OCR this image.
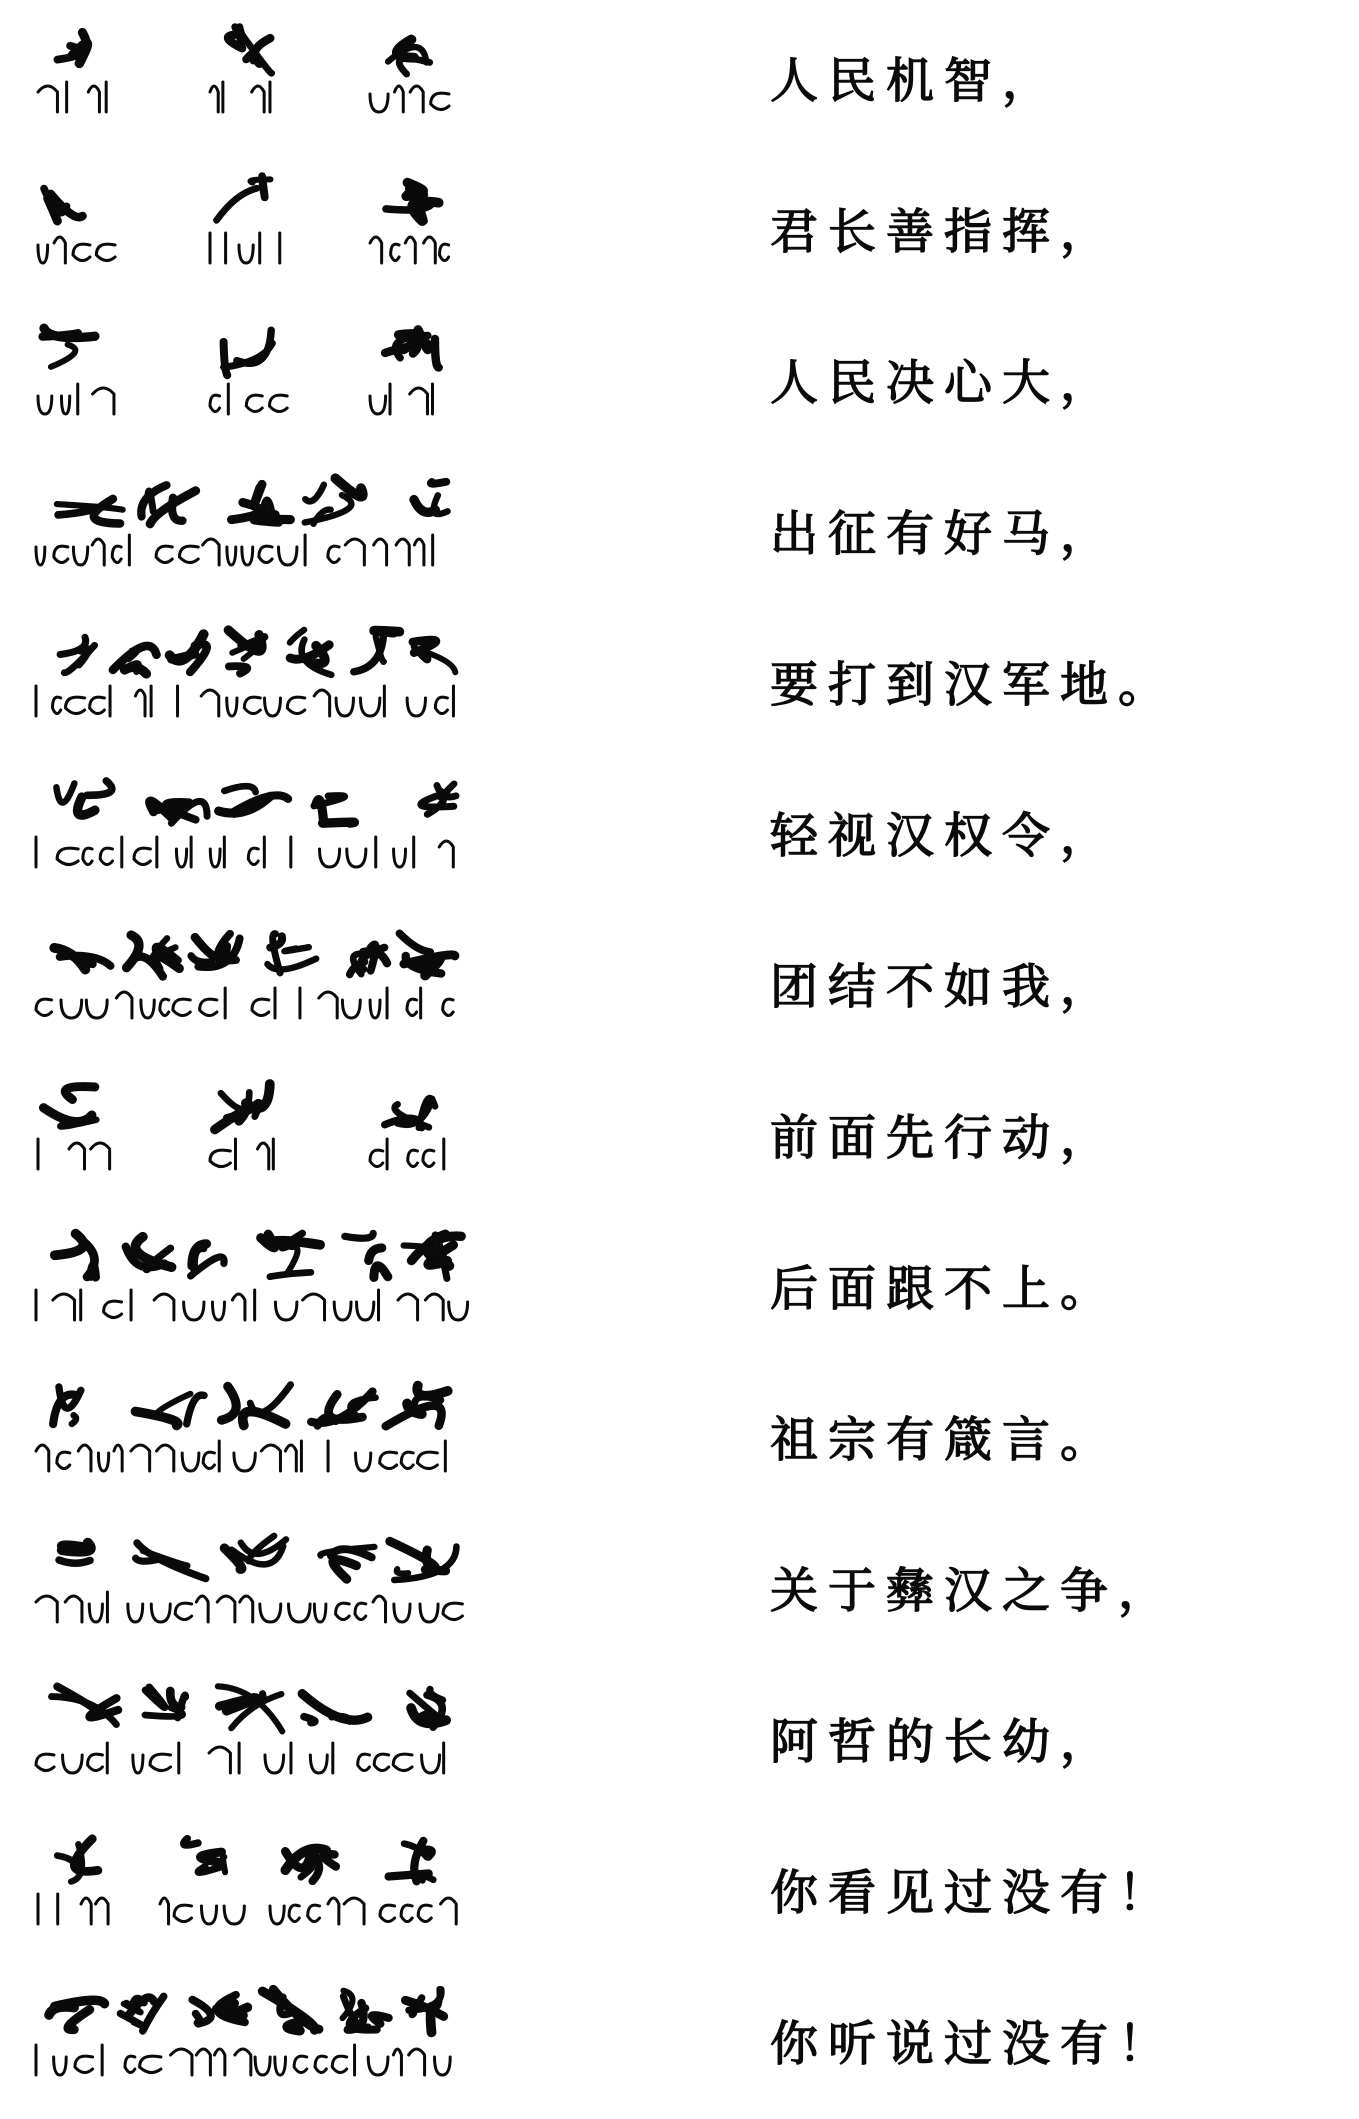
人民机智，
君长善指挥，
人民决心大，
出征有好马，
要打到汉军地。
轻视汉权令，
团结不如我，
前面先行动，
后面跟不上。
祖宗有箴言。
关于彝汉之争，
阿哲的长幼，
你看见过没有！
你听说过没有！
